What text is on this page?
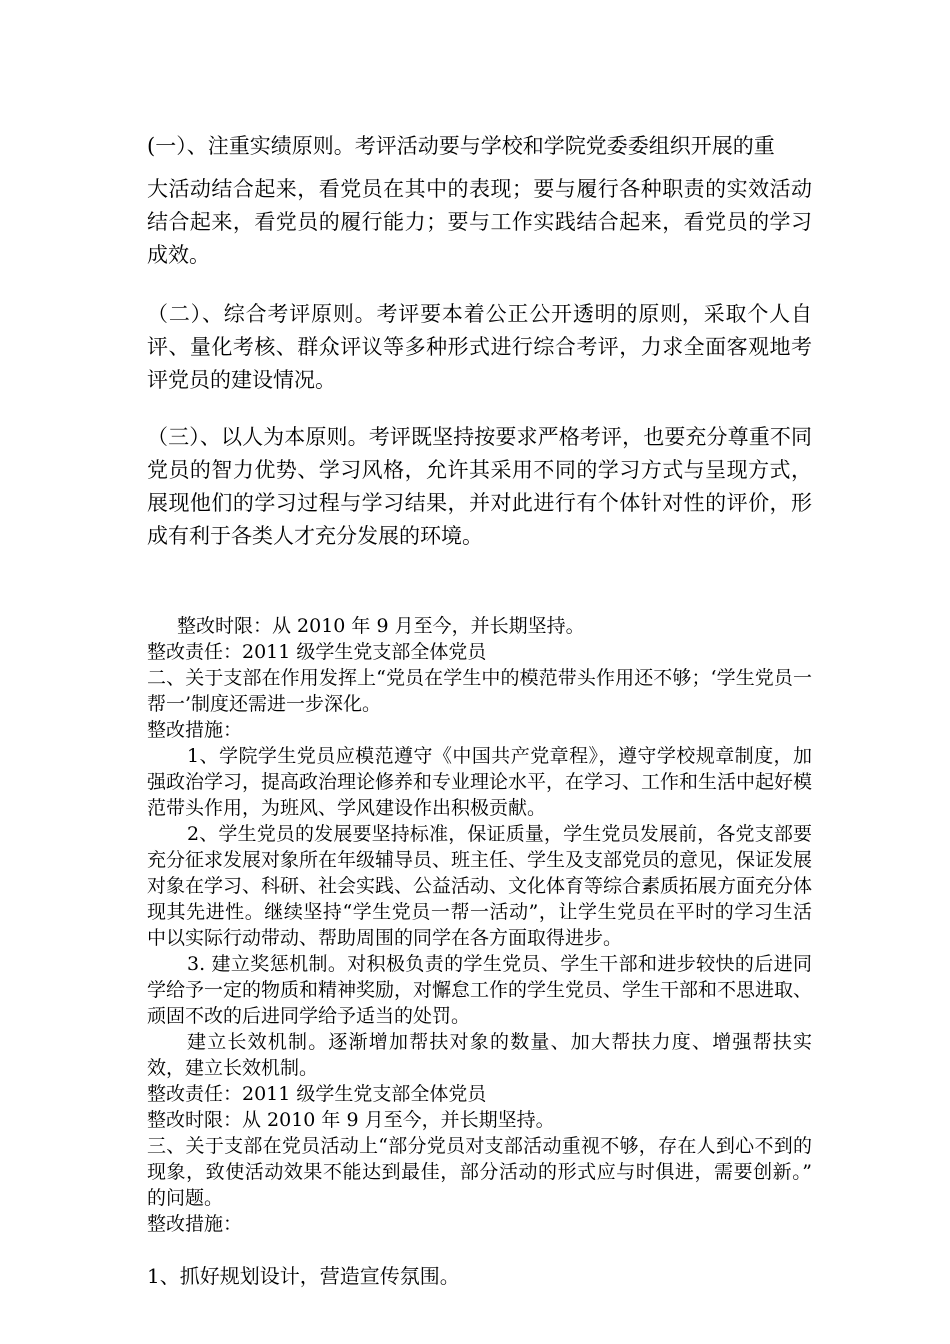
(一）、注重实绩原则。考评活动要与学校和学院党委委组织开展的重
大活动结合起来，看党员在其中的表现；要与履行各种职责的实效活动结合起来，看党员的履行能力；要与工作实践结合起来，看党员的学习成效。

（二）、综合考评原则。考评要本着公正公开透明的原则，采取个人自评、量化考核、群众评议等多种形式进行综合考评，力求全面客观地考评党员的建设情况。

（三）、以人为本原则。考评既坚持按要求严格考评，也要充分尊重不同党员的智力优势、学习风格，允许其采用不同的学习方式与呈现方式，展现他们的学习过程与学习结果，并对此进行有个体针对性的评价，形成有利于各类人才充分发展的环境。

整改时限：从 2010 年 9 月至今，并长期坚持。

整改责任：2011 级学生党支部全体党员

二、关于支部在作用发挥上“党员在学生中的模范带头作用还不够；‘学生党员一帮一’制度还需进一步深化。

整改措施：

1、学院学生党员应模范遵守《中国共产党章程》，遵守学校规章制度，加强政治学习，提高政治理论修养和专业理论水平，在学习、工作和生活中起好模范带头作用，为班风、学风建设作出积极贡献。

2、学生党员的发展要坚持标准，保证质量，学生党员发展前，各党支部要充分征求发展对象所在年级辅导员、班主任、学生及支部党员的意见，保证发展对象在学习、科研、社会实践、公益活动、文化体育等综合素质拓展方面充分体现其先进性。继续坚持“学生党员一帮一活动”，让学生党员在平时的学习生活中以实际行动带动、帮助周围的同学在各方面取得进步。

3. 建立奖惩机制。对积极负责的学生党员、学生干部和进步较快的后进同学给予一定的物质和精神奖励，对懈怠工作的学生党员、学生干部和不思进取、顽固不改的后进同学给予适当的处罚。

建立长效机制。逐渐增加帮扶对象的数量、加大帮扶力度、增强帮扶实效，建立长效机制。

整改责任：2011 级学生党支部全体党员

整改时限：从 2010 年 9 月至今，并长期坚持。

三、关于支部在党员活动上“部分党员对支部活动重视不够，存在人到心不到的现象，致使活动效果不能达到最佳，部分活动的形式应与时俱进，需要创新。” 的问题。

整改措施：

1、抓好规划设计，营造宣传氛围。
